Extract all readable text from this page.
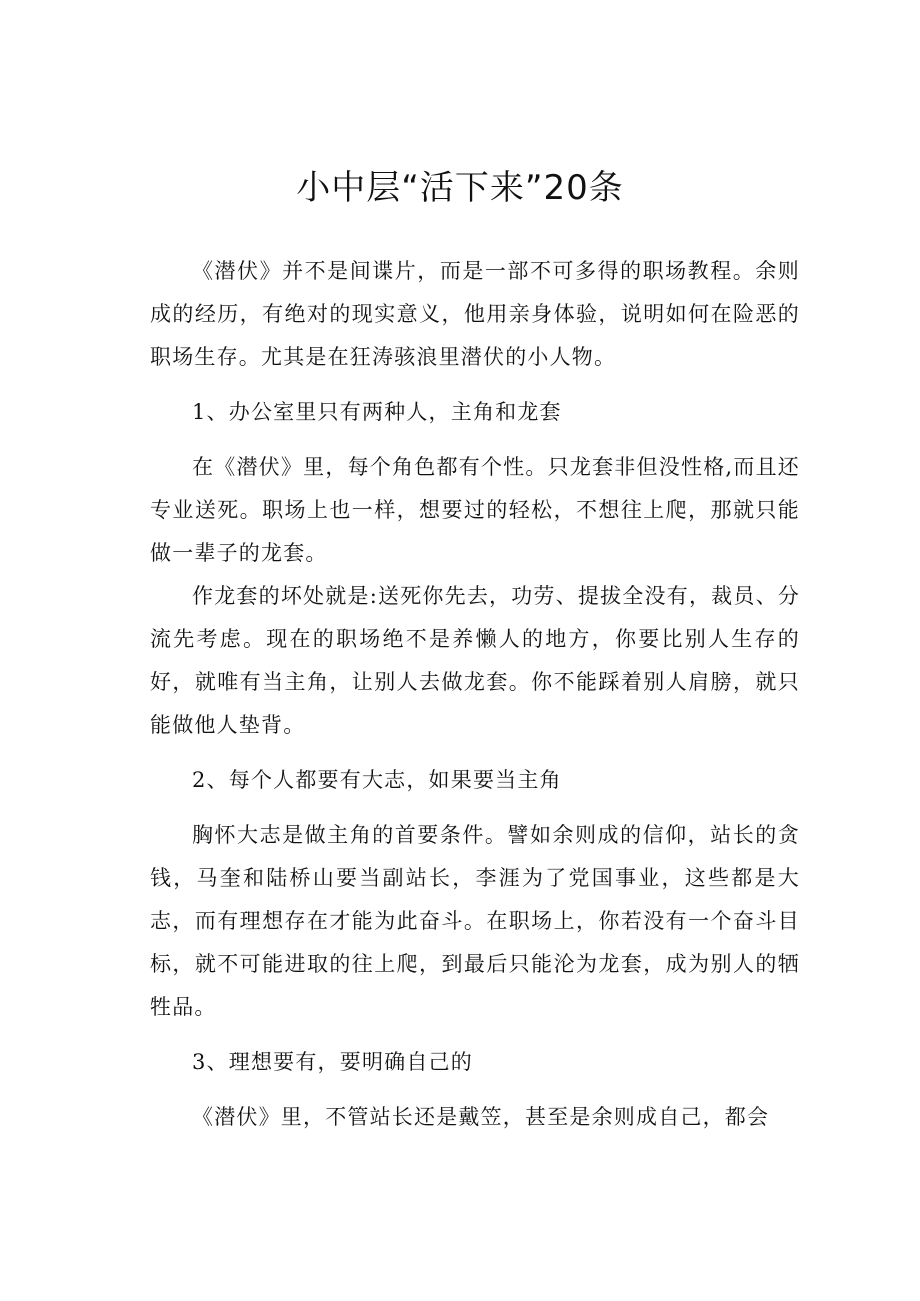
小中层“活下来”20条

《潜伏》并不是间谍片，而是一部不可多得的职场教程。余则成的经历，有绝对的现实意义，他用亲身体验，说明如何在险恶的职场生存。尤其是在狂涛骇浪里潜伏的小人物。

1、办公室里只有两种人，主角和龙套

在《潜伏》里，每个角色都有个性。只龙套非但没性格,而且还专业送死。职场上也一样，想要过的轻松，不想往上爬，那就只能做一辈子的龙套。

作龙套的坏处就是:送死你先去，功劳、提拔全没有，裁员、分流先考虑。现在的职场绝不是养懒人的地方，你要比别人生存的好，就唯有当主角，让别人去做龙套。你不能踩着别人肩膀，就只能做他人垫背。

2、每个人都要有大志，如果要当主角

胸怀大志是做主角的首要条件。譬如余则成的信仰，站长的贪钱，马奎和陆桥山要当副站长，李涯为了党国事业，这些都是大志，而有理想存在才能为此奋斗。在职场上，你若没有一个奋斗目标，就不可能进取的往上爬，到最后只能沦为龙套，成为别人的牺牲品。

3、理想要有，要明确自己的

《潜伏》里，不管站长还是戴笠，甚至是余则成自己，都会
